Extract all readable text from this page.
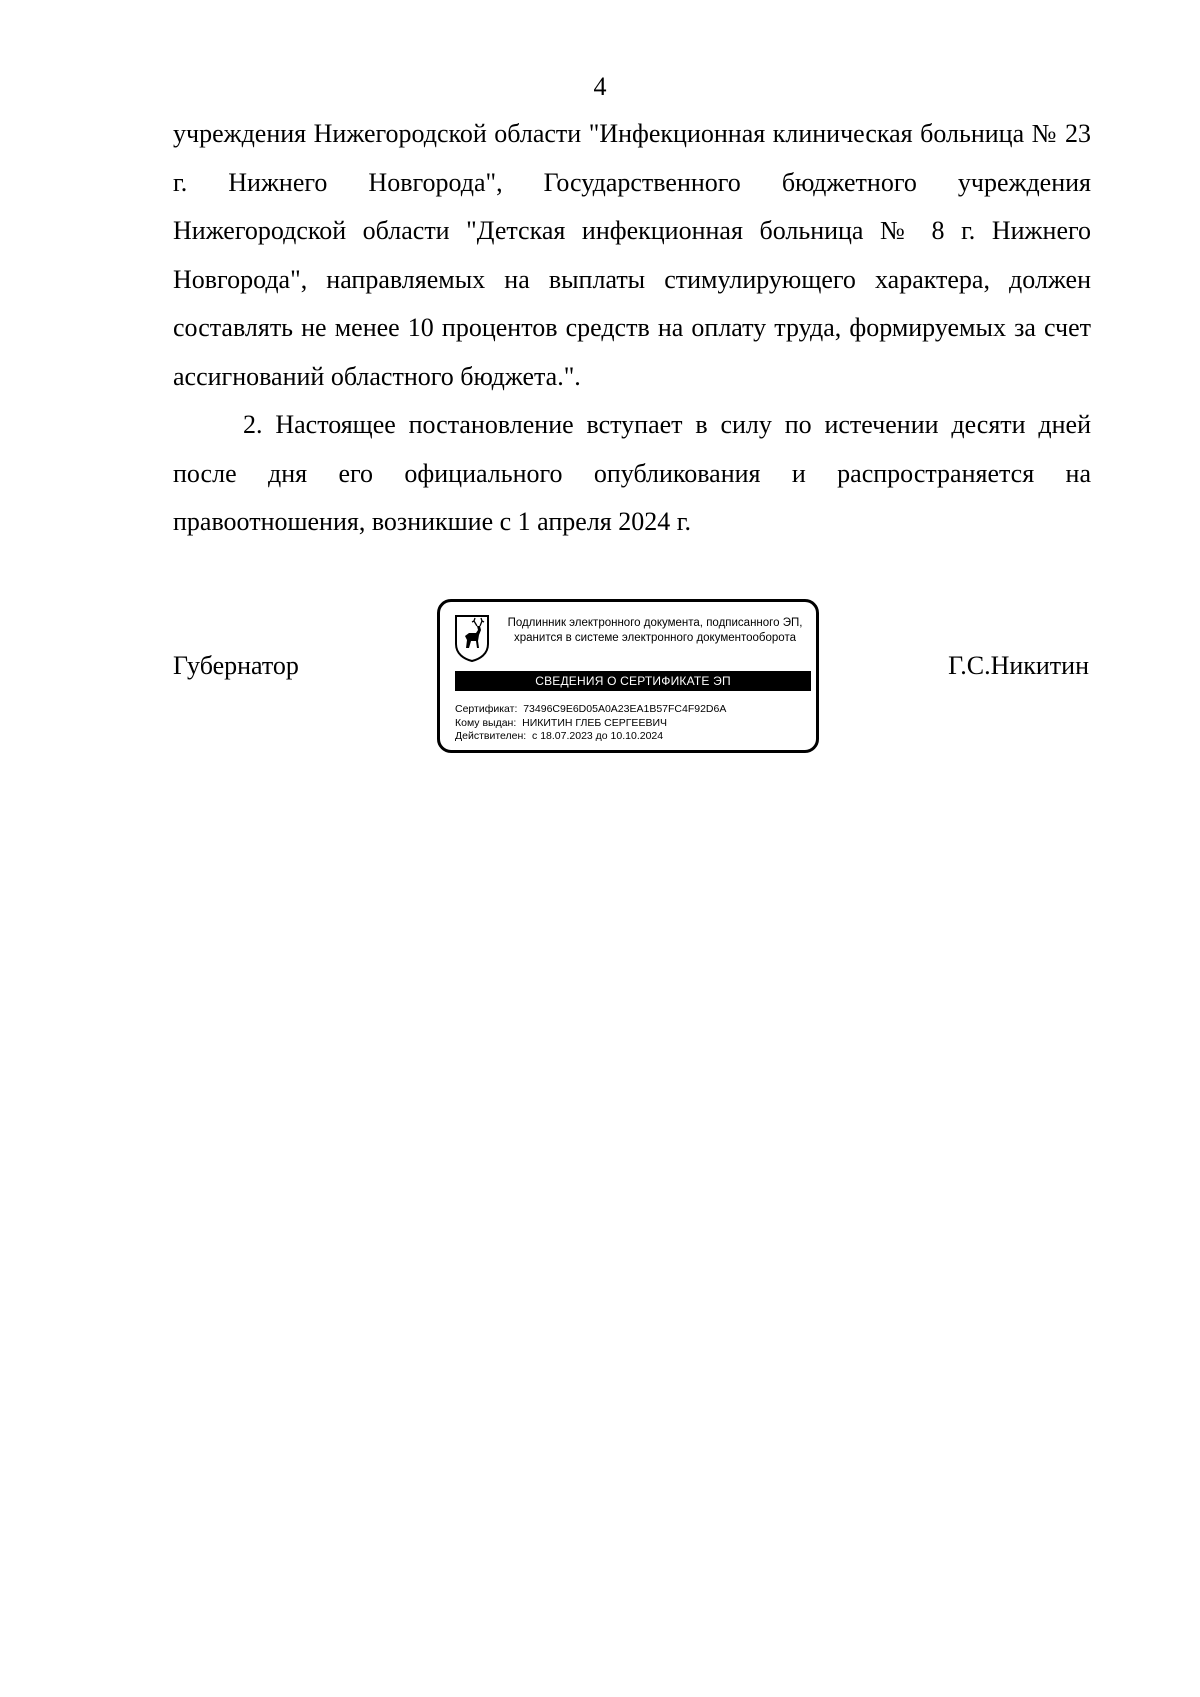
4

учреждения Нижегородской области "Инфекционная клиническая больница № 23 г. Нижнего Новгорода", Государственного бюджетного учреждения Нижегородской области "Детская инфекционная больница № 8 г. Нижнего Новгорода", направляемых на выплаты стимулирующего характера, должен составлять не менее 10 процентов средств на оплату труда, формируемых за счет ассигнований областного бюджета.".

2. Настоящее постановление вступает в силу по истечении десяти дней после дня его официального опубликования и распространяется на правоотношения, возникшие с 1 апреля 2024 г.

Губернатор
Подлинник электронного документа, подписанного ЭП,
хранится в системе электронного документооборота
СВЕДЕНИЯ О СЕРТИФИКАТЕ ЭП
Сертификат:  73496C9E6D05A0A23EA1B57FC4F92D6A
Кому выдан:  НИКИТИН ГЛЕБ СЕРГЕЕВИЧ
Действителен:  с 18.07.2023 до 10.10.2024
Г.С.Никитин
